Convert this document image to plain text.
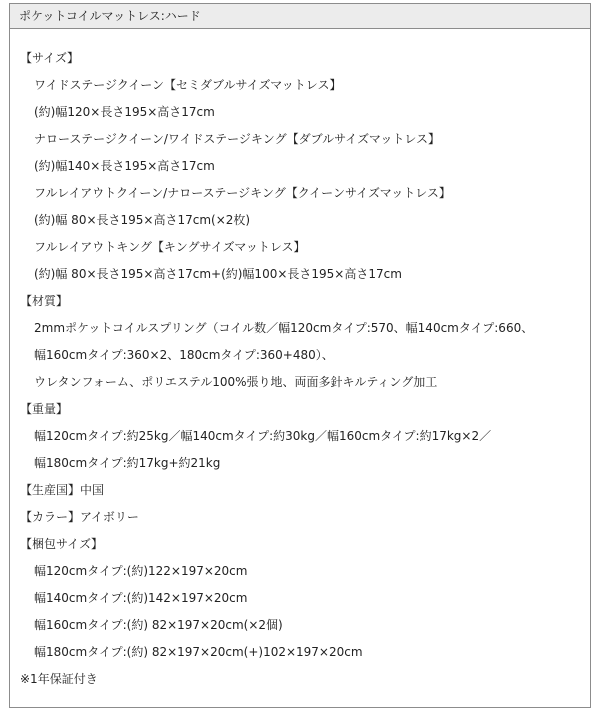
ポケットコイルマットレス:ハード
【サイズ】
ワイドステージクイーン【セミダブルサイズマットレス】
(約)幅120×長さ195×高さ17cm
ナローステージクイーン/ワイドステージキング【ダブルサイズマットレス】
(約)幅140×長さ195×高さ17cm
フルレイアウトクイーン/ナローステージキング【クイーンサイズマットレス】
(約)幅 80×長さ195×高さ17cm(×2枚)
フルレイアウトキング【キングサイズマットレス】
(約)幅 80×長さ195×高さ17cm+(約)幅100×長さ195×高さ17cm
【材質】
2mmポケットコイルスプリング（コイル数／幅120cmタイプ:570、幅140cmタイプ:660、
幅160cmタイプ:360×2、180cmタイプ:360+480）、
ウレタンフォーム、ポリエステル100%張り地、両面多針キルティング加工
【重量】
幅120cmタイプ:約25kg／幅140cmタイプ:約30kg／幅160cmタイプ:約17kg×2／
幅180cmタイプ:約17kg+約21kg
【生産国】中国
【カラー】アイボリー
【梱包サイズ】
幅120cmタイプ:(約)122×197×20cm
幅140cmタイプ:(約)142×197×20cm
幅160cmタイプ:(約) 82×197×20cm(×2個)
幅180cmタイプ:(約) 82×197×20cm(+)102×197×20cm
※1年保証付き
